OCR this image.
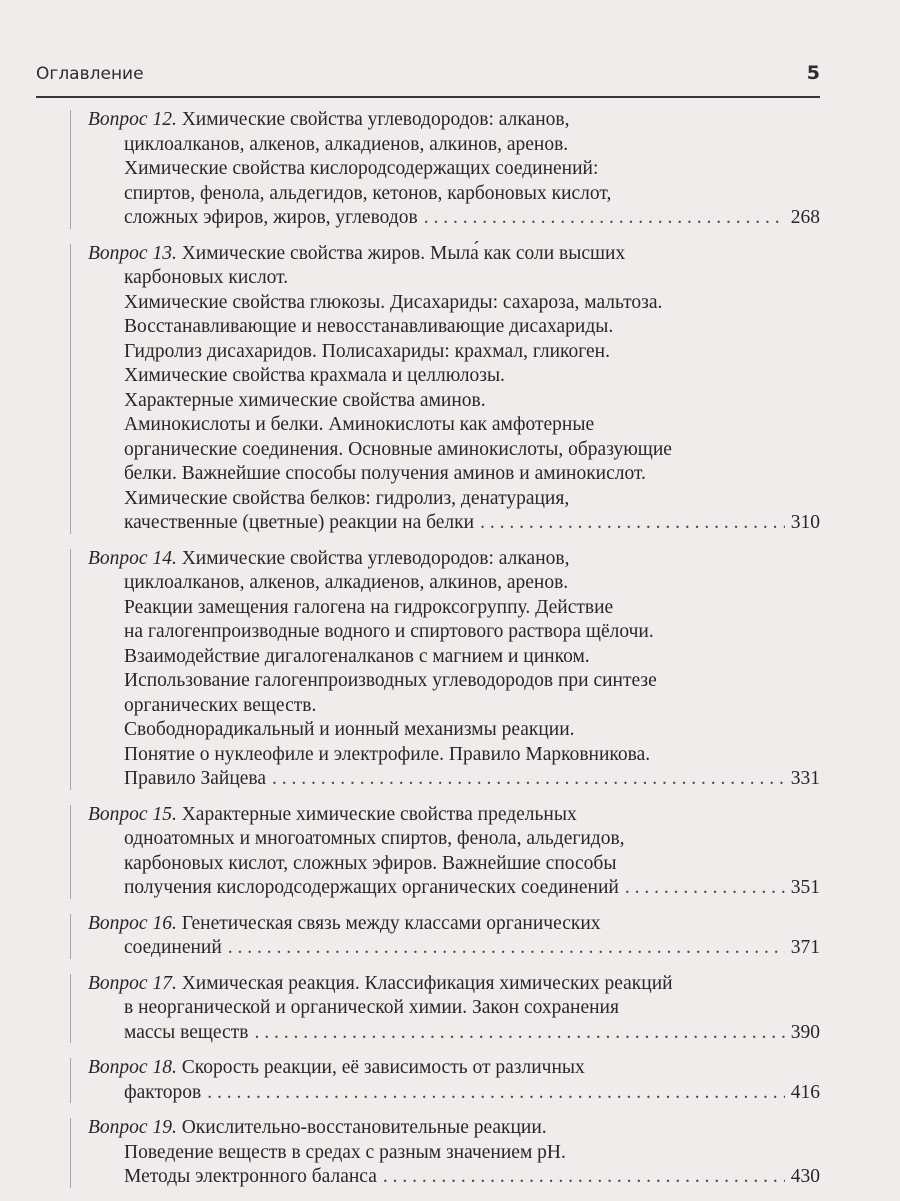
Оглавление	5
Вопрос 12. Химические свойства углеводородов: алканов,
циклоалканов, алкенов, алкадиенов, алкинов, аренов.
Химические свойства кислородсодержащих соединений:
спиртов, фенола, альдегидов, кетонов, карбоновых кислот,
сложных эфиров, жиров, углеводов . . .	268
Вопрос 13. Химические свойства жиров. Мыла́ как соли высших
карбоновых кислот.
Химические свойства глюкозы. Дисахариды: сахароза, мальтоза.
Восстанавливающие и невосстанавливающие дисахариды.
Гидролиз дисахаридов. Полисахариды: крахмал, гликоген.
Химические свойства крахмала и целлюлозы.
Характерные химические свойства аминов.
Аминокислоты и белки. Аминокислоты как амфотерные
органические соединения. Основные аминокислоты, образующие
белки. Важнейшие способы получения аминов и аминокислот.
Химические свойства белков: гидролиз, денатурация,
качественные (цветные) реакции на белки . . .	310
Вопрос 14. Химические свойства углеводородов: алканов,
циклоалканов, алкенов, алкадиенов, алкинов, аренов.
Реакции замещения галогена на гидроксогруппу. Действие
на галогенпроизводные водного и спиртового раствора щёлочи.
Взаимодействие дигалогеналканов с магнием и цинком.
Использование галогенпроизводных углеводородов при синтезе
органических веществ.
Свободнорадикальный и ионный механизмы реакции.
Понятие о нуклеофиле и электрофиле. Правило Марковникова.
Правило Зайцева . . .	331
Вопрос 15. Характерные химические свойства предельных
одноатомных и многоатомных спиртов, фенола, альдегидов,
карбоновых кислот, сложных эфиров. Важнейшие способы
получения кислородсодержащих органических соединений . . .	351
Вопрос 16. Генетическая связь между классами органических
соединений . . .	371
Вопрос 17. Химическая реакция. Классификация химических реакций
в неорганической и органической химии. Закон сохранения
массы веществ . . .	390
Вопрос 18. Скорость реакции, её зависимость от различных
факторов . . .	416
Вопрос 19. Окислительно-восстановительные реакции.
Поведение веществ в средах с разным значением pH.
Методы электронного баланса . . .	430
